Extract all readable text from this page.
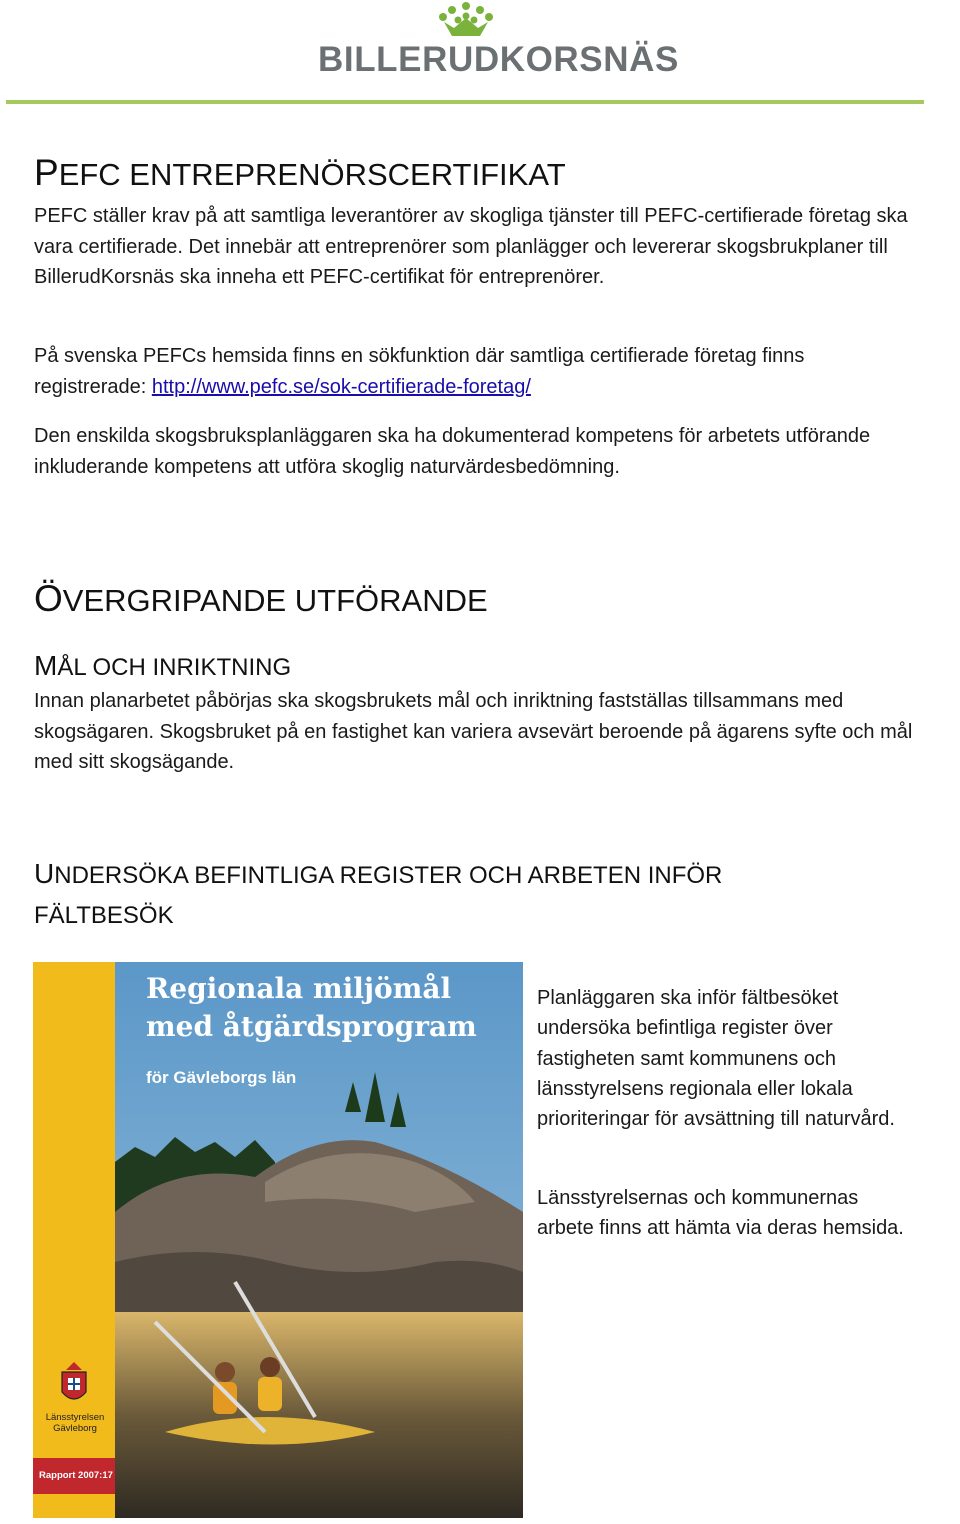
BILLERUDKORSNÄS
PEFC ENTREPRENÖRSCERTIFIKAT

PEFC ställer krav på att samtliga leverantörer av skogliga tjänster till PEFC-certifierade företag ska vara certifierade. Det innebär att entreprenörer som planlägger och levererar skogsbrukplaner till BillerudKorsnäs ska inneha ett PEFC-certifikat för entreprenörer.

På svenska PEFCs hemsida finns en sökfunktion där samtliga certifierade företag finns registrerade: http://www.pefc.se/sok-certifierade-foretag/

Den enskilda skogsbruksplanläggaren ska ha dokumenterad kompetens för arbetets utförande inkluderande kompetens att utföra skoglig naturvärdesbedömning.

ÖVERGRIPANDE UTFÖRANDE
MÅL OCH INRIKTNING

Innan planarbetet påbörjas ska skogsbrukets mål och inriktning fastställas tillsammans med skogsägaren. Skogsbruket på en fastighet kan variera avsevärt beroende på ägarens syfte och mål med sitt skogsägande.

UNDERSÖKA BEFINTLIGA REGISTER OCH ARBETEN INFÖR
FÄLTBESÖK
Regionala miljömål
med åtgärdsprogram
för Gävleborgs län
Länsstyrelsen
Gävleborg
Rapport 2007:17

Planläggaren ska inför fältbesöket undersöka befintliga register över fastigheten samt kommunens och länsstyrelsens regionala eller lokala prioriteringar för avsättning till naturvård.

Länsstyrelsernas och kommunernas arbete finns att hämta via deras hemsida.
